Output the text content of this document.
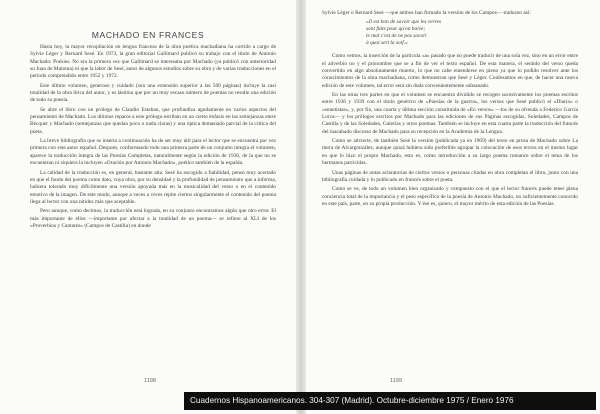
MACHADO EN FRANCES

Hasta hoy, la mayor recopilación en lengua francesa de la obra poética machadiana ha corrido a cargo de Sylvie Léger y Bernard Sesé. En 1973, la gran editorial Gallimard publicó su trabajo con el título de Antonio Machado: Poésies. No era la primera vez que Gallimard se interesaba por Machado (ya publicó con anterioridad su Juan de Mairena) ni que la labor de Sesé, autor de algunos estudios sobre su obra y de varias traducciones en el período comprendido entre 1952 y 1972.

Este último volumen, generoso y cuidado (son una extensión superior a las 500 páginas) incluye la casi totalidad de la obra lírica del autor, y es lástima que por un muy escaso número de poemas no resulte una edición de todo su poesía.

Se abre el libro con un prólogo de Claudio Esteban, que profundiza agudamente en varios aspectos del pensamiento de Machado. Los últimos reparos a este prólogo estriban en un cierto énfasis en las semejanzas entre Bécquer y Machado (semejanzas que quedan poco o nada claras) y una óptica demasiado parcial de la crítica del poeta.

La breve bibliografía que se inserta a continuación ha de ser muy útil para el lector que se encuentra por vez primera con este autor español. Después, conformando todo una primera parte de un conjunto integra el volumen, aparece la traducción íntegra de las Poesías Completas, naturalmente según la edición de 1936, de la que no se encuentran ni siquiera la incluyen «Oración por Antonio Machado», poético también de la espalda.

La calidad de la traducción es, en general, bastante alta. Sesé ha escogido a fiabilidad, pensó muy acertado en que el fondo del poema como dato, cuya obra, por su densidad y la profundidad de pensamiento que a informa, hubiera tolerado muy difícilmente una versión apoyada más en la musicalidad del verso o en el contenido emotivo de la imagen. De este modo, aunque a veces a veces repite ciertos singularmente el contenido del poema llega al lector con una nitidez más que aceptable.

Pero aunque, como decimos, la traducción está lograda, en su conjunto encontramos algún que otro error. El más importante de ellos —importante por afectar a la totalidad de un poema— se refiere al XLI de los «Proverbios y Cantares» (Campos de Castilla) en donde

Sylvie Léger o Bernard Sesé —que ambos han firmado la versión de los Campos— traducen así:

«Il est bon de savoir que les verres
sont faits pour qu'on boive;
le mal c'est de ne pas savoir
à quoi sert la soif.»

Como vemos, la inserción de la partícula «a» pasado que no puede traducir de una sola vez, sino en un error entre el adverbio no y el pronombre que se a fin de ver el texto español. De esta manera, el sentido del verso queda convertido en algo absolutamente muerto, lo que no cabe entenderse en pleno ya que lo podido resolver ante los conocimientos de la obra machadiana, como demuestran que Sesé y Léger. Confesamos en que, de hacer una nueva edición de este volumen, tal error será sin duda convenientemente subsanado.

En las otras tres partes en que el volumen se encuentra dividido se recogen sucesivamente los poemas escritos entre 1936 y 1939 con el título genérico de «Poesías de la guerra», los versos que Sesé publicó el «Diario» o «sonetistas», y, por fin, una cuarta y última sección constituida de «En versos» —los de su ofrenda a Federico García Lorca— y los prólogos escritos por Machado para las ediciones de sus Páginas escogidas, Soledades, Campos de Castilla y de las Soledades, Galerías y otros poemas. También se incluye en esta cuarta parte la traducción del francés del inacabado discurso de Machado para su recepción en la Academia de la Lengua.

Como se advierte, de también Sesé la versión (publicada ya en 1969) del texto en prosa de Machado sobre La tierra de Alvargonzález, aunque quizá hubiera sido preferible agrupar la colocación de esos textos en el mismo lugar en que lo hizo el propio Machado, esto es, como introducción a su largo poema romance sobre el tema de los hermanos parricidas.

Unas páginas de notas aclaratorias de ciertos versos o personas citadas en obra completan el libro, junto con una bibliografía cuidada y lo publicado en francés sobre el poeta.

Como se ve, de todo un volumen bien organizado y compuesto con el que el lector francés puede tener plena conciencia total de la importancia y el peso específico de la poesía de Antonio Machado, no suficientemente conocido en este país, parte, en su propia producción. Y ése es, quiero, el mayor mérito de esta edición de las Poesías.

1198	1199
Cuadernos Hispanoamericanos. 304-307 (Madrid). Octubre-diciembre 1975 / Enero 1976
